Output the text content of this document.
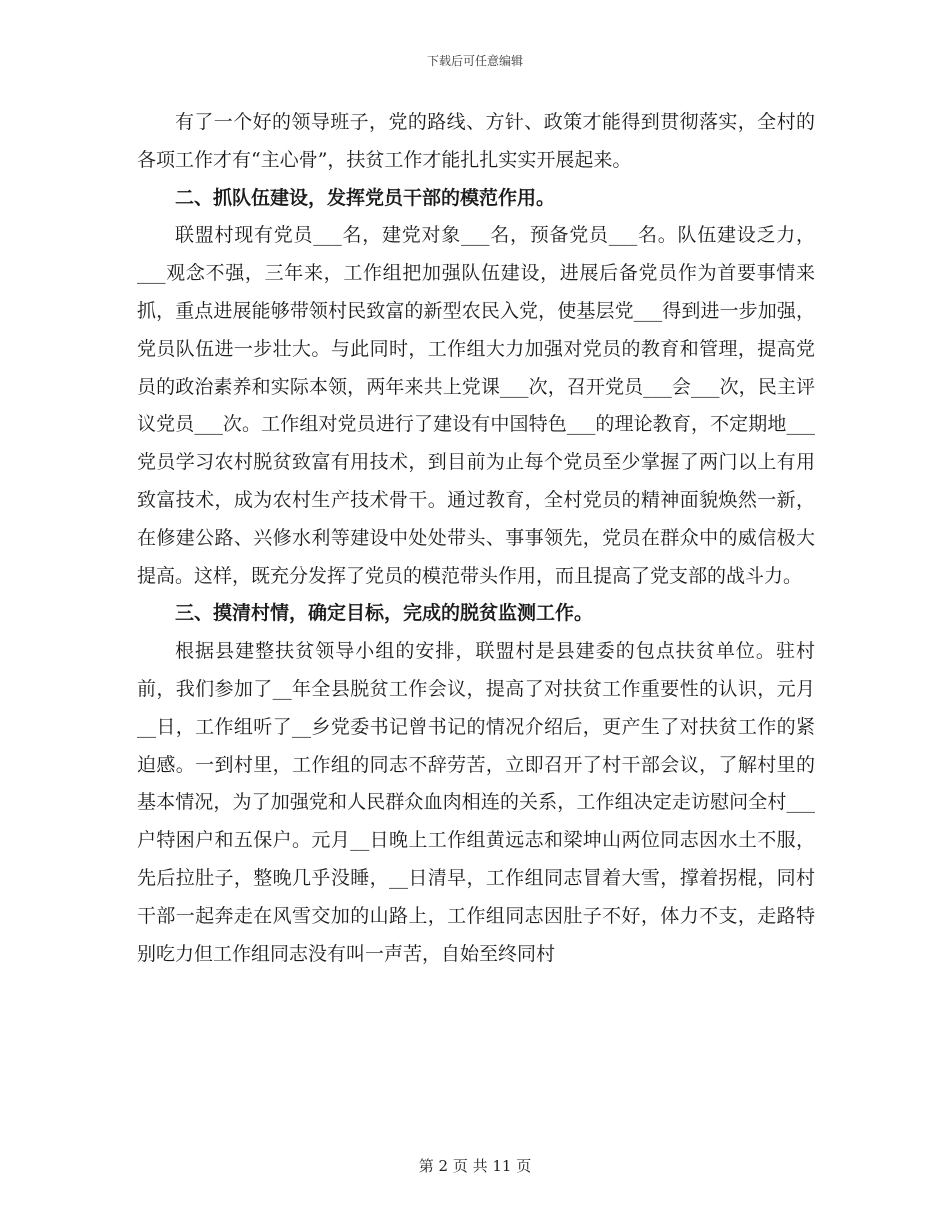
下载后可任意编辑

有了一个好的领导班子，党的路线、方针、政策才能得到贯彻落实，全村的各项工作才有“主心骨”，扶贫工作才能扎扎实实开展起来。

二、抓队伍建设，发挥党员干部的模范作用。

联盟村现有党员___名，建党对象___名，预备党员___名。队伍建设乏力，___观念不强，三年来，工作组把加强队伍建设，进展后备党员作为首要事情来抓，重点进展能够带领村民致富的新型农民入党，使基层党___得到进一步加强，党员队伍进一步壮大。与此同时，工作组大力加强对党员的教育和管理，提高党员的政治素养和实际本领，两年来共上党课___次，召开党员___会___次，民主评议党员___次。工作组对党员进行了建设有中国特色___的理论教育，不定期地___党员学习农村脱贫致富有用技术，到目前为止每个党员至少掌握了两门以上有用致富技术，成为农村生产技术骨干。通过教育，全村党员的精神面貌焕然一新，在修建公路、兴修水利等建设中处处带头、事事领先，党员在群众中的威信极大提高。这样，既充分发挥了党员的模范带头作用，而且提高了党支部的战斗力。

三、摸清村情，确定目标，完成的脱贫监测工作。

根据县建整扶贫领导小组的安排，联盟村是县建委的包点扶贫单位。驻村前，我们参加了__年全县脱贫工作会议，提高了对扶贫工作重要性的认识，元月__日，工作组听了__乡党委书记曾书记的情况介绍后，更产生了对扶贫工作的紧迫感。一到村里，工作组的同志不辞劳苦，立即召开了村干部会议，了解村里的基本情况，为了加强党和人民群众血肉相连的关系，工作组决定走访慰问全村___户特困户和五保户。元月__日晚上工作组黄远志和梁坤山两位同志因水土不服，先后拉肚子，整晚几乎没睡，__日清早，工作组同志冒着大雪，撑着拐棍，同村干部一起奔走在风雪交加的山路上，工作组同志因肚子不好，体力不支，走路特别吃力但工作组同志没有叫一声苦，自始至终同村

第 2 页 共 11 页
